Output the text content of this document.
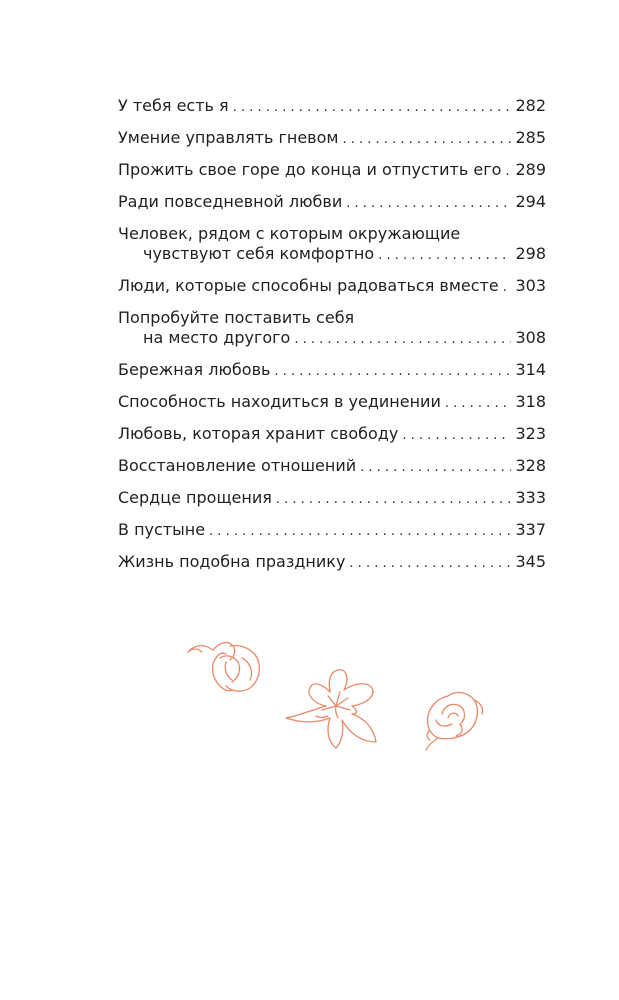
У тебя есть я . . .	282
Умение управлять гневом . . .	285
Прожить свое горе до конца и отпустить его . . . 289
Ради повседневной любви . . .	294
Человек, рядом с которым окружающие
чувствуют себя комфортно . . .	298
Люди, которые способны радоваться вместе . . . 303
Попробуйте поставить себя
на место другого . . .	308
Бережная любовь . . .	314
Способность находиться в уединении . . .	318
Любовь, которая хранит свободу . . .	323
Восстановление отношений . . .	328
Сердце прощения . . .	333
В пустыне . . .	337
Жизнь подобна празднику . . .	345
